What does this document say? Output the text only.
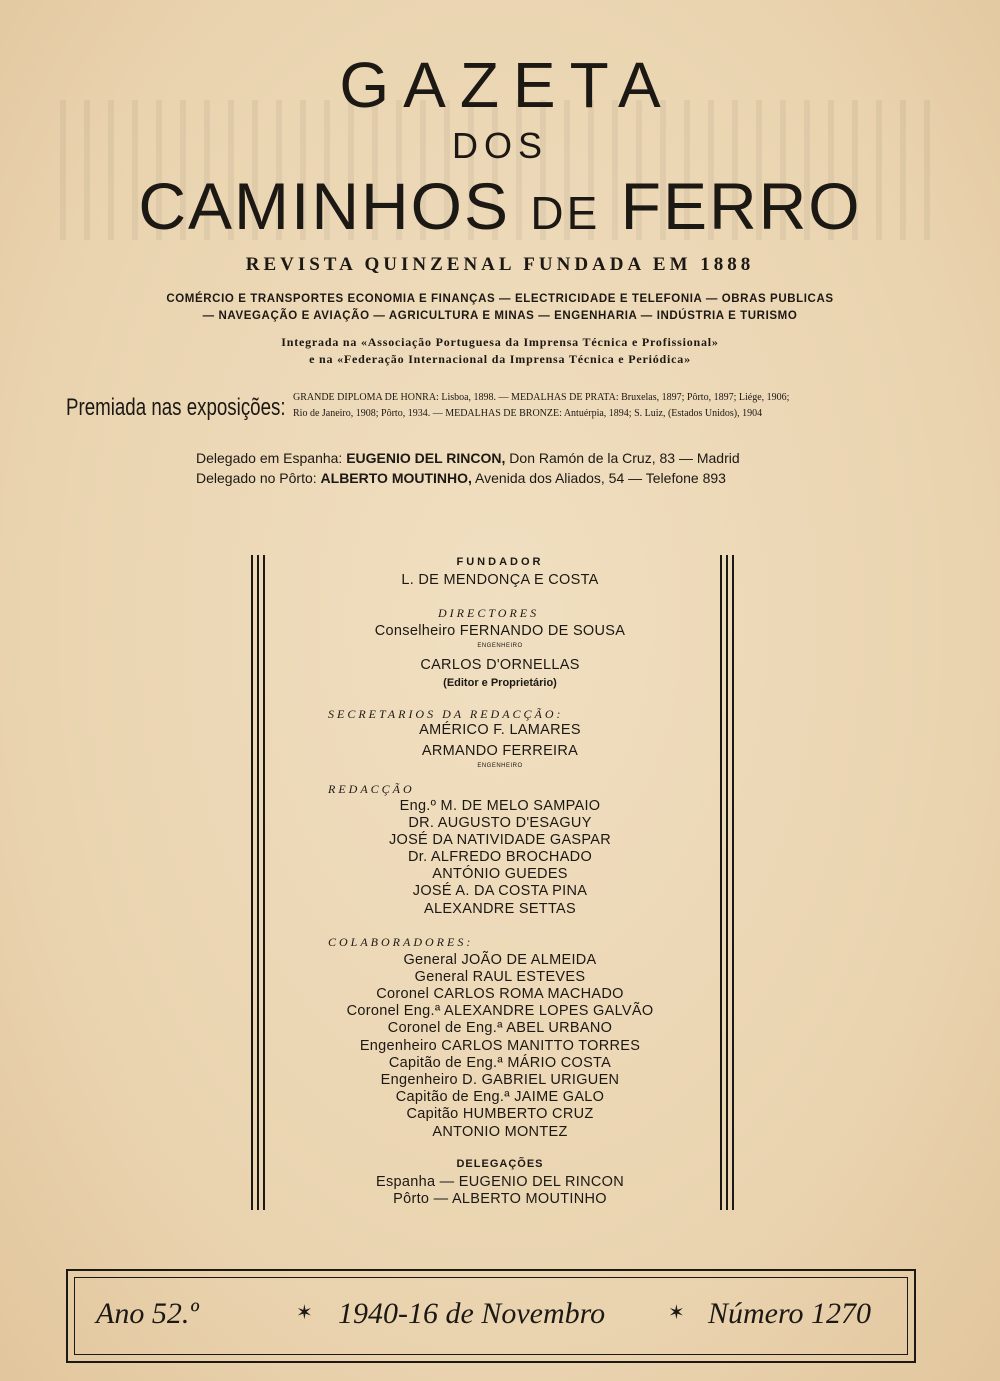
GAZETA
DOS
CAMINHOS DE FERRO
REVISTA QUINZENAL FUNDADA EM 1888
COMÉRCIO E TRANSPORTES ECONOMIA E FINANÇAS — ELECTRICIDADE E TELEFONIA — OBRAS PUBLICAS
— NAVEGAÇÃO E AVIAÇÃO — AGRICULTURA E MINAS — ENGENHARIA — INDÚSTRIA E TURISMO
Integrada na «Associação Portuguesa da Imprensa Técnica e Profissional»
e na «Federação Internacional da Imprensa Técnica e Periódica»
Premiada nas exposições: GRANDE DIPLOMA DE HONRA: Lisboa, 1898. — MEDALHAS DE PRATA: Bruxelas, 1897; Pôrto, 1897; Liége, 1906;
Rio de Janeiro, 1908; Pôrto, 1934. — MEDALHAS DE BRONZE: Antuérpia, 1894; S. Luiz, (Estados Unidos), 1904
Delegado em Espanha: EUGENIO DEL RINCON, Don Ramón de la Cruz, 83 — Madrid
Delegado no Pôrto: ALBERTO MOUTINHO, Avenida dos Aliados, 54 — Telefone 893
FUNDADOR
L. DE MENDONÇA E COSTA
DIRECTORES
Conselheiro FERNANDO DE SOUSA
ENGENHEIRO
CARLOS D'ORNELLAS
(Editor e Proprietário)
SECRETARIOS DA REDACÇÃO:
AMÉRICO F. LAMARES
ARMANDO FERREIRA
ENGENHEIRO
REDACÇÃO
Eng.º M. DE MELO SAMPAIO
DR. AUGUSTO D'ESAGUY
JOSÉ DA NATIVIDADE GASPAR
Dr. ALFREDO BROCHADO
ANTÓNIO GUEDES
JOSÉ A. DA COSTA PINA
ALEXANDRE SETTAS
COLABORADORES:
General JOÃO DE ALMEIDA
General RAUL ESTEVES
Coronel CARLOS ROMA MACHADO
Coronel Eng.ª ALEXANDRE LOPES GALVÃO
Coronel de Eng.ª ABEL URBANO
Engenheiro CARLOS MANITTO TORRES
Capitão de Eng.ª MÁRIO COSTA
Engenheiro D. GABRIEL URIGUEN
Capitão de Eng.ª JAIME GALO
Capitão HUMBERTO CRUZ
ANTONIO MONTEZ
DELEGAÇÕES
Espanha — EUGENIO DEL RINCON
Pôrto — ALBERTO MOUTINHO
Ano 52.º	✶ 1940-16 de Novembro	✶ Número 1270
